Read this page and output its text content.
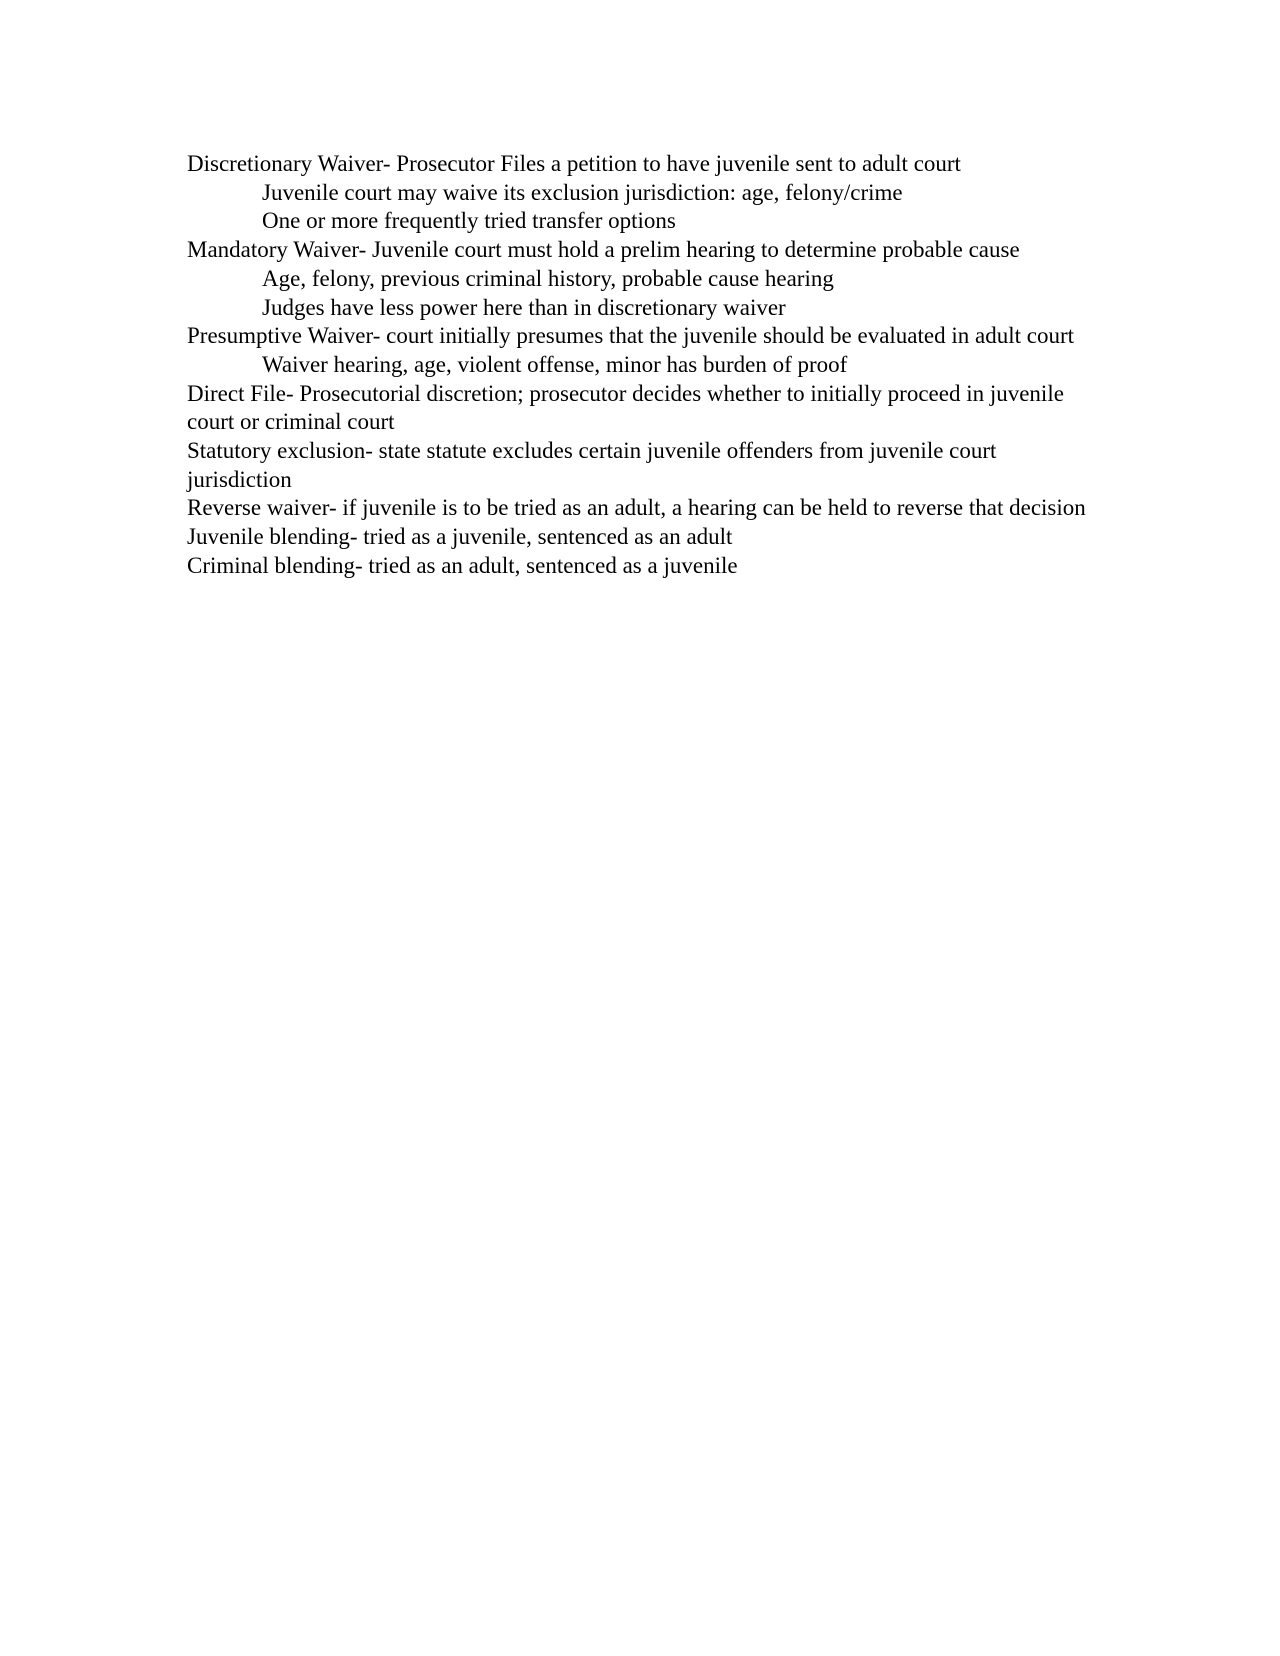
Discretionary Waiver- Prosecutor Files a petition to have juvenile sent to adult court

Juvenile court may waive its exclusion jurisdiction: age, felony/crime

One or more frequently tried transfer options

Mandatory Waiver- Juvenile court must hold a prelim hearing to determine probable cause

Age, felony, previous criminal history, probable cause hearing

Judges have less power here than in discretionary waiver

Presumptive Waiver- court initially presumes that the juvenile should be evaluated in adult court

Waiver hearing, age, violent offense, minor has burden of proof

Direct File- Prosecutorial discretion; prosecutor decides whether to initially proceed in juvenile court or criminal court

Statutory exclusion- state statute excludes certain juvenile offenders from juvenile court jurisdiction

Reverse waiver- if juvenile is to be tried as an adult, a hearing can be held to reverse that decision

Juvenile blending- tried as a juvenile, sentenced as an adult

Criminal blending- tried as an adult, sentenced as a juvenile
